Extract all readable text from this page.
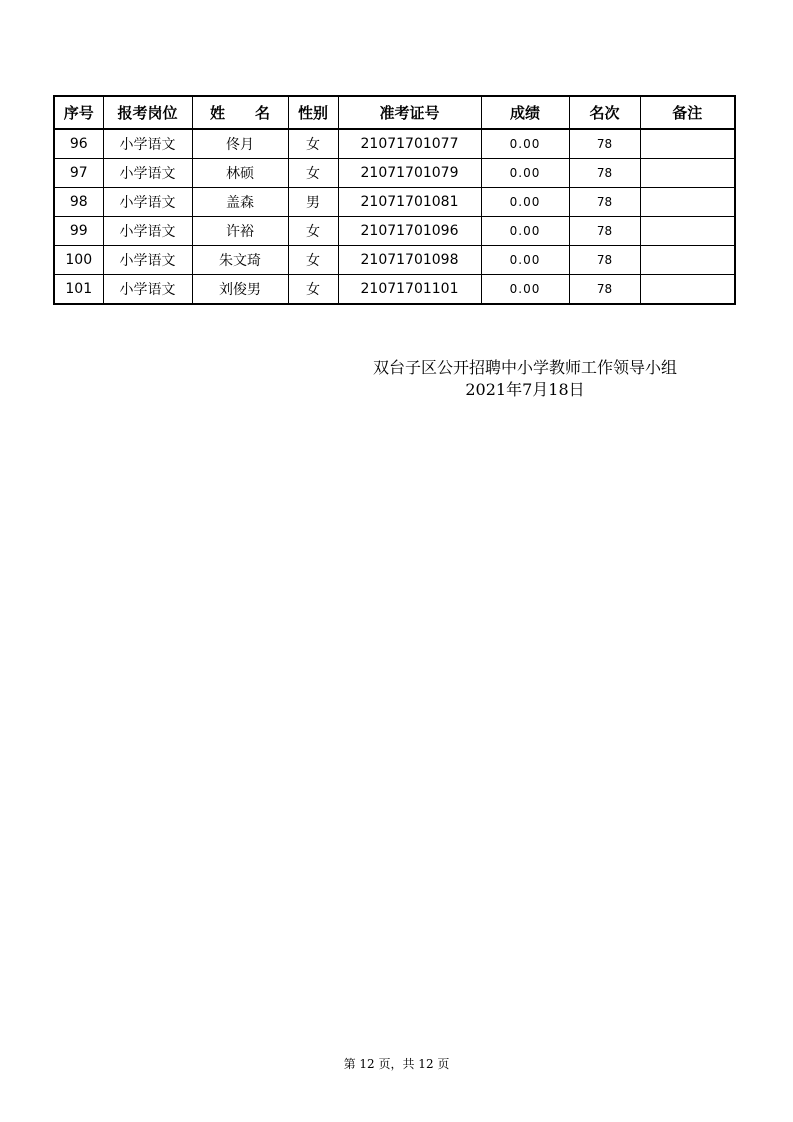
序号	报考岗位	姓　　名	性别	准考证号	成绩	名次	备注
96	小学语文	佟月	女	21071701077	0.00	78	
97	小学语文	林硕	女	21071701079	0.00	78	
98	小学语文	盖森	男	21071701081	0.00	78	
99	小学语文	许裕	女	21071701096	0.00	78	
100	小学语文	朱文琦	女	21071701098	0.00	78	
101	小学语文	刘俊男	女	21071701101	0.00	78	
双台子区公开招聘中小学教师工作领导小组
2021年7月18日
第 12 页，共 12 页
